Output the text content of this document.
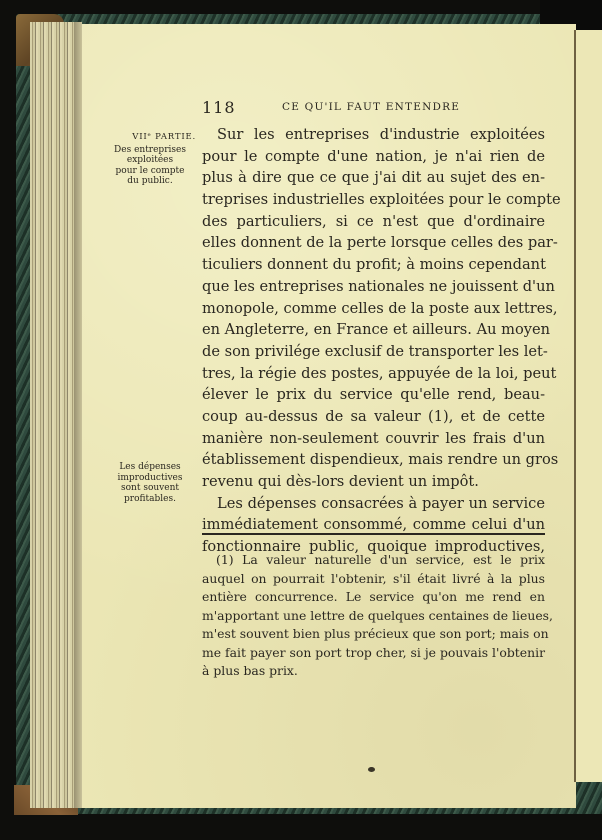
118	CE QU'IL FAUT ENTENDRE
VIIᵉ PARTIE.
Des entreprises
exploitées
pour le compte
du public.
Les dépenses
improductives
sont souvent
profitables.
Sur les entreprises d'industrie exploitées
pour le compte d'une nation, je n'ai rien de
plus à dire que ce que j'ai dit au sujet des en-
treprises industrielles exploitées pour le compte
des particuliers, si ce n'est que d'ordinaire
elles donnent de la perte lorsque celles des par-
ticuliers donnent du profit; à moins cependant
que les entreprises nationales ne jouissent d'un
monopole, comme celles de la poste aux lettres,
en Angleterre, en France et ailleurs. Au moyen
de son privilége exclusif de transporter les let-
tres, la régie des postes, appuyée de la loi, peut
élever le prix du service qu'elle rend, beau-
coup au-dessus de sa valeur (1), et de cette
manière non-seulement couvrir les frais d'un
établissement dispendieux, mais rendre un gros
revenu qui dès-lors devient un impôt.
Les dépenses consacrées à payer un service
immédiatement consommé, comme celui d'un
fonctionnaire public, quoique improductives,
(1) La valeur naturelle d'un service, est le prix
auquel on pourrait l'obtenir, s'il était livré à la plus
entière concurrence. Le service qu'on me rend en
m'apportant une lettre de quelques centaines de lieues,
m'est souvent bien plus précieux que son port; mais on
me fait payer son port trop cher, si je pouvais l'obtenir
à plus bas prix.
